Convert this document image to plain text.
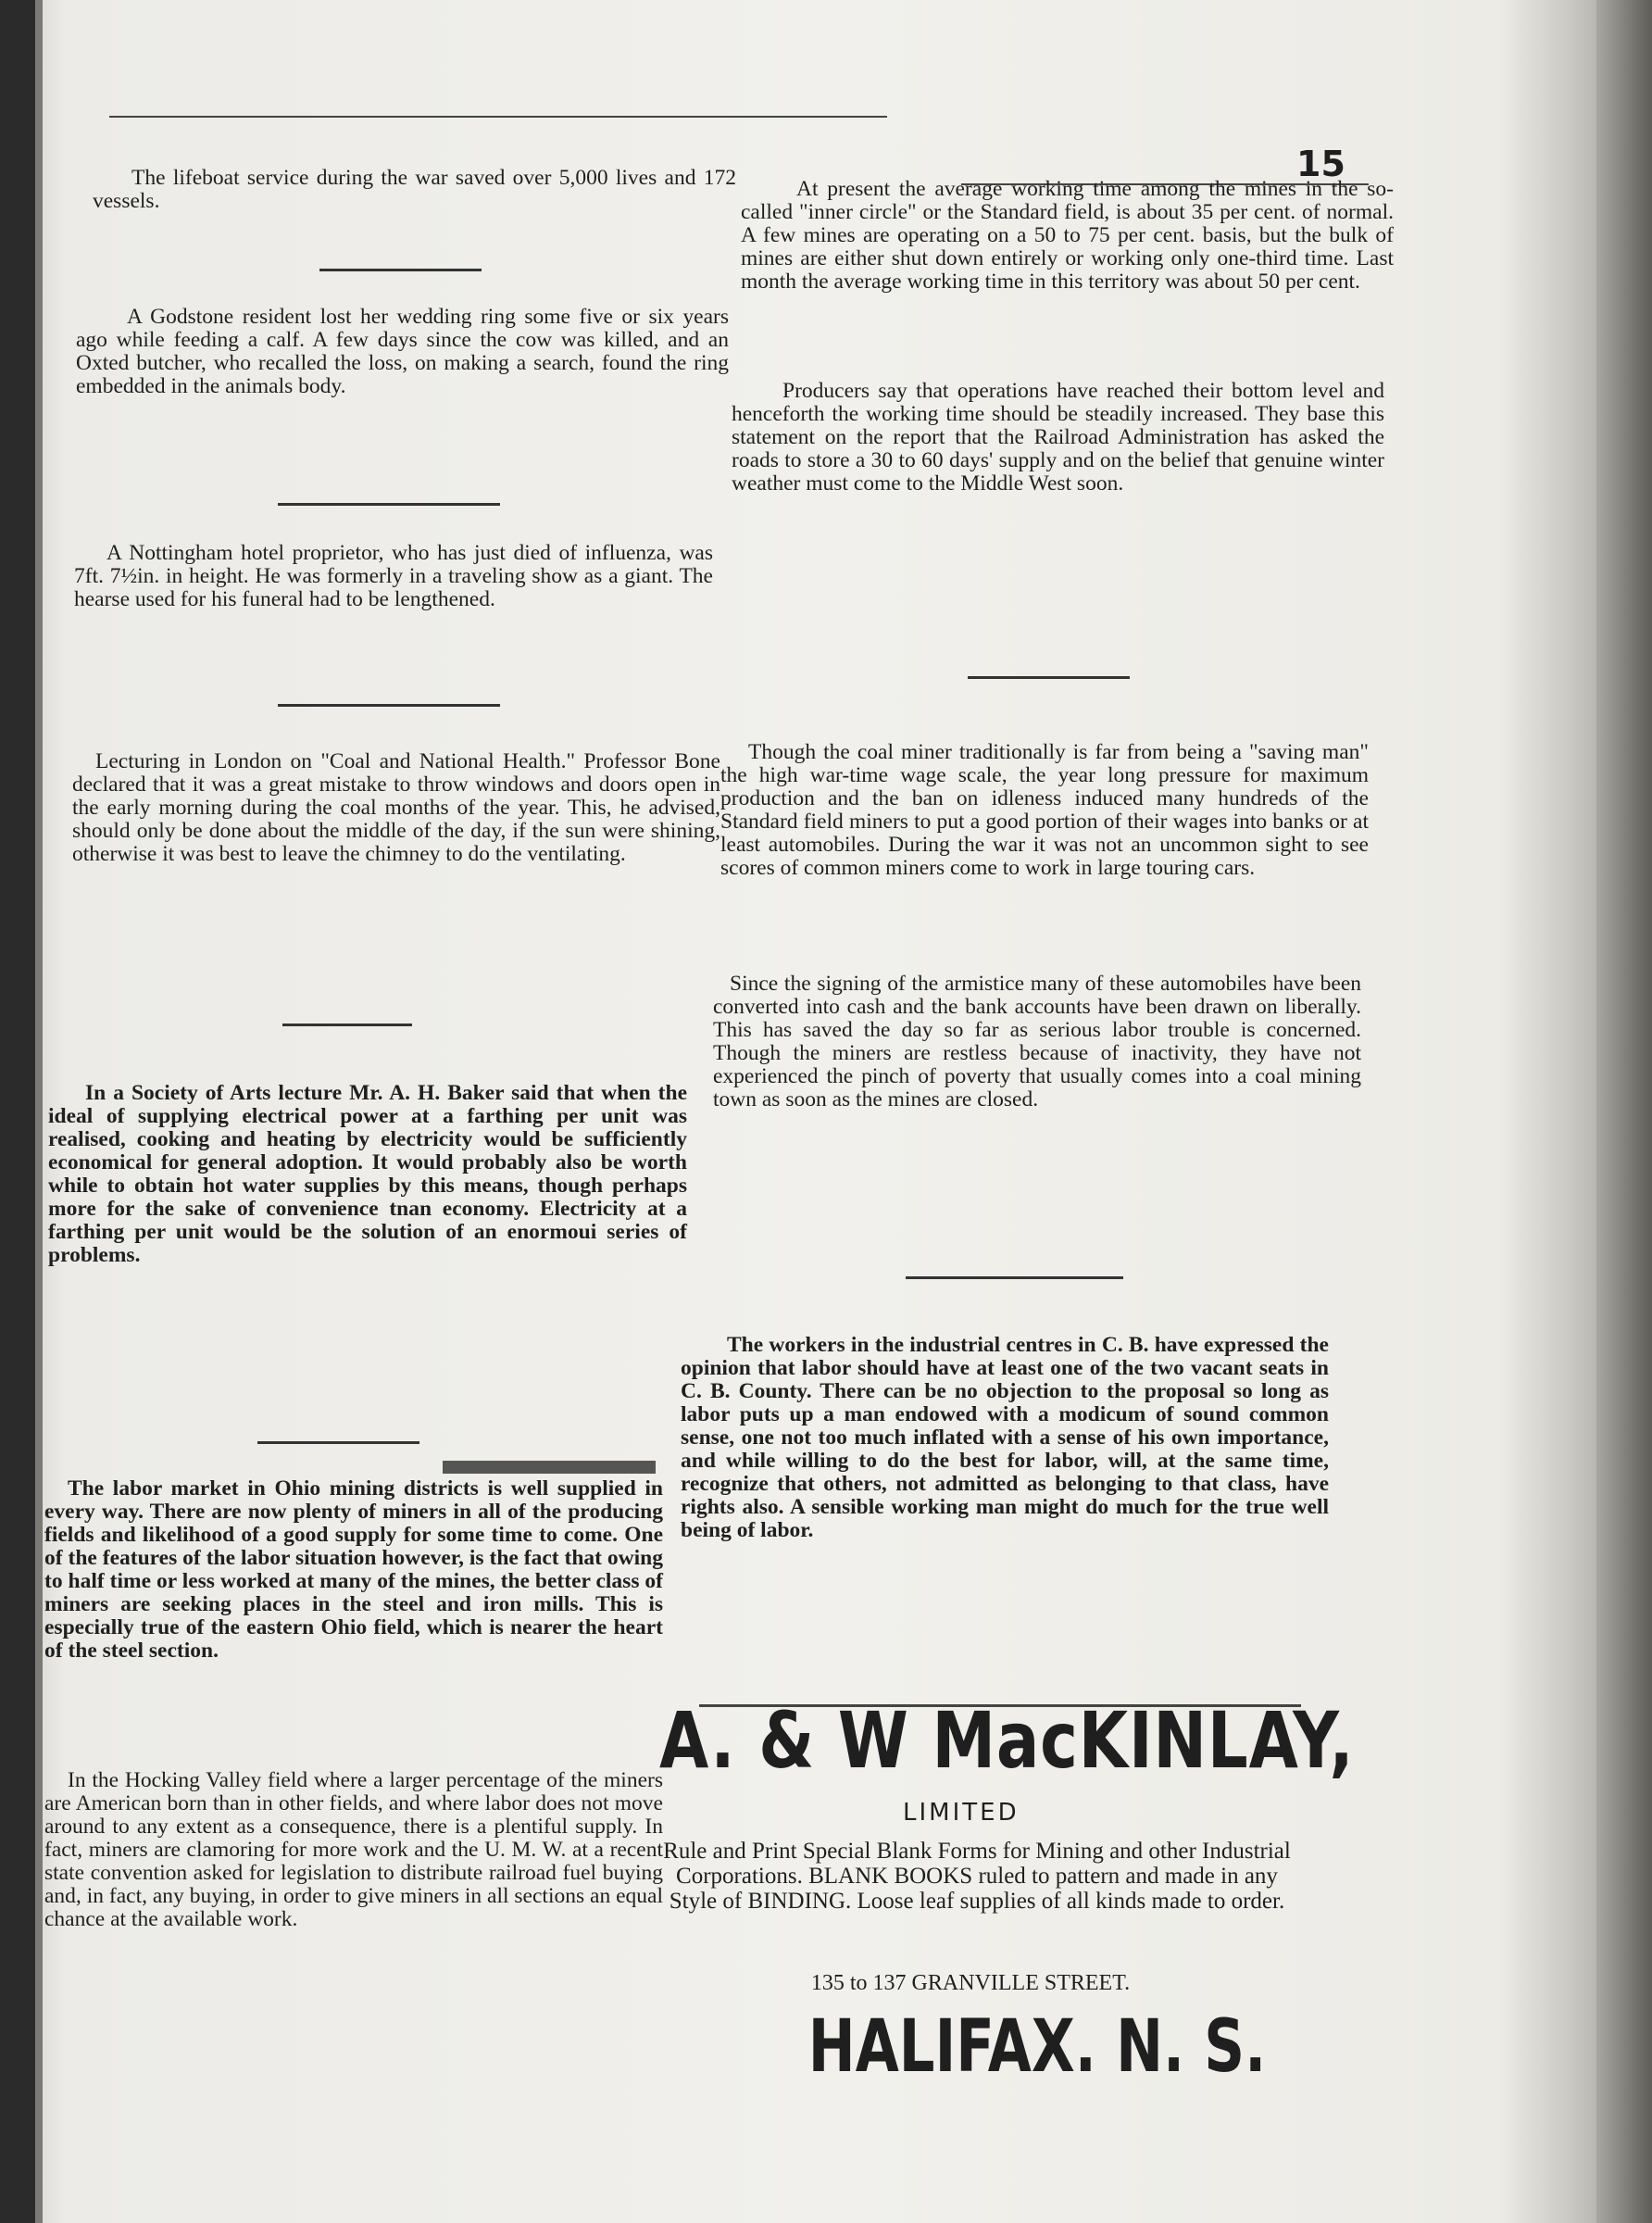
15

The lifeboat service during the war saved over 5,000 lives and 172 vessels.

A Godstone resident lost her wedding ring some five or six years ago while feeding a calf. A few days since the cow was killed, and an Oxted butcher, who recalled the loss, on making a search, found the ring embedded in the animals body.

A Nottingham hotel proprietor, who has just died of influenza, was 7ft. 7½in. in height. He was formerly in a traveling show as a giant. The hearse used for his funeral had to be lengthened.

Lecturing in London on "Coal and National Health." Professor Bone declared that it was a great mistake to throw windows and doors open in the early morning during the coal months of the year. This, he advised, should only be done about the middle of the day, if the sun were shining, otherwise it was best to leave the chimney to do the ventilating.

In a Society of Arts lecture Mr. A. H. Baker said that when the ideal of supplying electrical power at a farthing per unit was realised, cooking and heating by electricity would be sufficiently economical for general adoption. It would probably also be worth while to obtain hot water supplies by this means, though perhaps more for the sake of convenience tnan economy. Electricity at a farthing per unit would be the solution of an enormoui series of problems.

The labor market in Ohio mining districts is well supplied in every way. There are now plenty of miners in all of the producing fields and likelihood of a good supply for some time to come. One of the features of the labor situation however, is the fact that owing to half time or less worked at many of the mines, the better class of miners are seeking places in the steel and iron mills. This is especially true of the eastern Ohio field, which is nearer the heart of the steel section.

In the Hocking Valley field where a larger percentage of the miners are American born than in other fields, and where labor does not move around to any extent as a consequence, there is a plentiful supply. In fact, miners are clamoring for more work and the U. M. W. at a recent state convention asked for legislation to distribute railroad fuel buying and, in fact, any buying, in order to give miners in all sections an equal chance at the available work.

At present the average working time among the mines in the so-called "inner circle" or the Standard field, is about 35 per cent. of normal. A few mines are operating on a 50 to 75 per cent. basis, but the bulk of mines are either shut down entirely or working only one-third time. Last month the average working time in this territory was about 50 per cent.

Producers say that operations have reached their bottom level and henceforth the working time should be steadily increased. They base this statement on the report that the Railroad Administration has asked the roads to store a 30 to 60 days' supply and on the belief that genuine winter weather must come to the Middle West soon.

Though the coal miner traditionally is far from being a "saving man" the high war-time wage scale, the year long pressure for maximum production and the ban on idleness induced many hundreds of the Standard field miners to put a good portion of their wages into banks or at least automobiles. During the war it was not an uncommon sight to see scores of common miners come to work in large touring cars.

Since the signing of the armistice many of these automobiles have been converted into cash and the bank accounts have been drawn on liberally. This has saved the day so far as serious labor trouble is concerned. Though the miners are restless because of inactivity, they have not experienced the pinch of poverty that usually comes into a coal mining town as soon as the mines are closed.

The workers in the industrial centres in C. B. have expressed the opinion that labor should have at least one of the two vacant seats in C. B. County. There can be no objection to the proposal so long as labor puts up a man endowed with a modicum of sound common sense, one not too much inflated with a sense of his own importance, and while willing to do the best for labor, will, at the same time, recognize that others, not admitted as belonging to that class, have rights also. A sensible working man might do much for the true well being of labor.

A. & W MacKINLAY,

LIMITED

Rule and Print Special Blank Forms for Mining and other Industrial Corporations. BLANK BOOKS ruled to pattern and made in any Style of BINDING. Loose leaf supplies of all kinds made to order.

135 to 137 GRANVILLE STREET.

HALIFAX. N. S.
